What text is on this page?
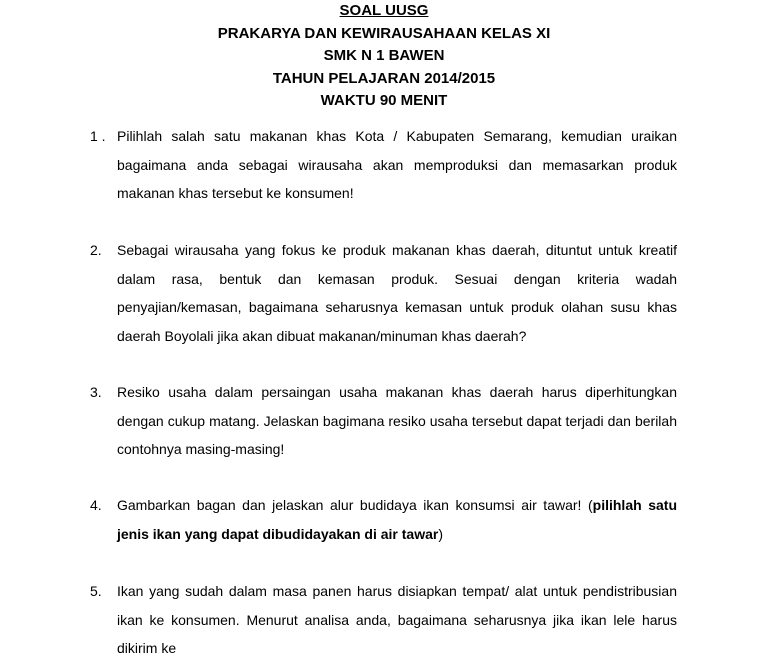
SOAL UUSG
PRAKARYA DAN KEWIRAUSAHAAN KELAS XI
SMK N 1 BAWEN
TAHUN PELAJARAN 2014/2015
WAKTU 90 MENIT
1 . Pilihlah salah satu makanan khas Kota / Kabupaten Semarang, kemudian uraikan bagaimana anda sebagai wirausaha akan memproduksi dan memasarkan produk makanan khas tersebut ke konsumen!
2. Sebagai wirausaha yang fokus ke produk makanan khas daerah, dituntut untuk kreatif dalam rasa, bentuk dan kemasan produk. Sesuai dengan kriteria wadah penyajian/kemasan, bagaimana seharusnya kemasan untuk produk olahan susu khas daerah Boyolali jika akan dibuat makanan/minuman khas daerah?
3. Resiko usaha dalam persaingan usaha makanan khas daerah harus diperhitungkan dengan cukup matang. Jelaskan bagimana resiko usaha tersebut dapat terjadi dan berilah contohnya masing-masing!
4. Gambarkan bagan dan jelaskan alur budidaya ikan konsumsi air tawar! (pilihlah satu jenis ikan yang dapat dibudidayakan di air tawar)
5. Ikan yang sudah dalam masa panen harus disiapkan tempat/ alat untuk pendistribusian ikan ke konsumen. Menurut analisa anda, bagaimana seharusnya jika ikan lele harus dikirim ke
